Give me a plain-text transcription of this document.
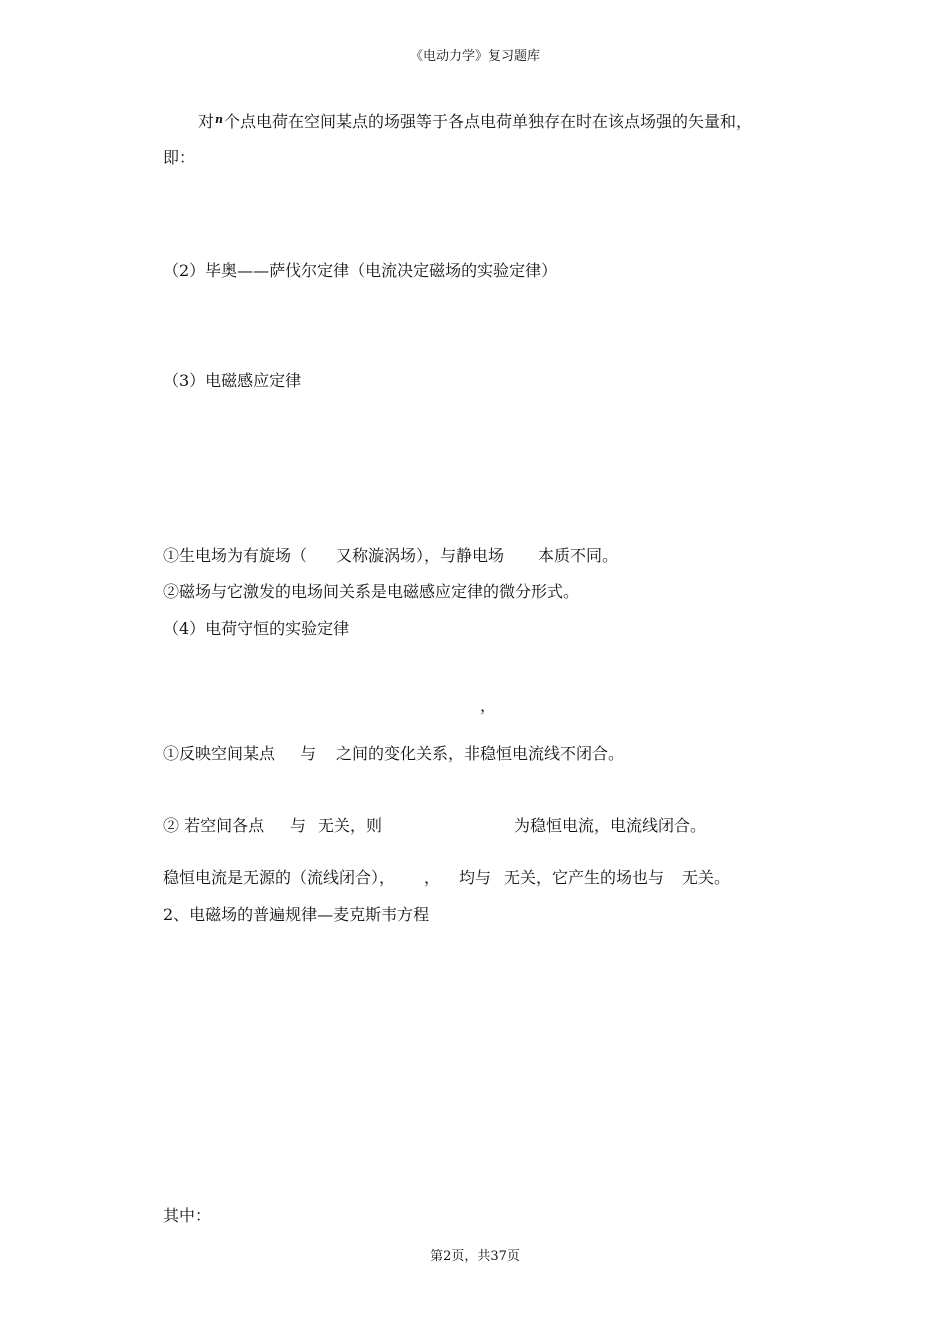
《电动力学》复习题库
对n个点电荷在空间某点的场强等于各点电荷单独存在时在该点场强的矢量和，
即：
（2）毕奥——萨伐尔定律（电流决定磁场的实验定律）
（3）电磁感应定律
①生电场为有旋场（ 又称漩涡场），与静电场 本质不同。
②磁场与它激发的电场间关系是电磁感应定律的微分形式。
（4）电荷守恒的实验定律
，
①反映空间某点 与 之间的变化关系，非稳恒电流线不闭合。
② 若空间各点 与 无关，则	为稳恒电流，电流线闭合。
稳恒电流是无源的（流线闭合）， ， 均与 无关，它产生的场也与 无关。
2、电磁场的普遍规律—麦克斯韦方程
其中：
第2页，共37页
